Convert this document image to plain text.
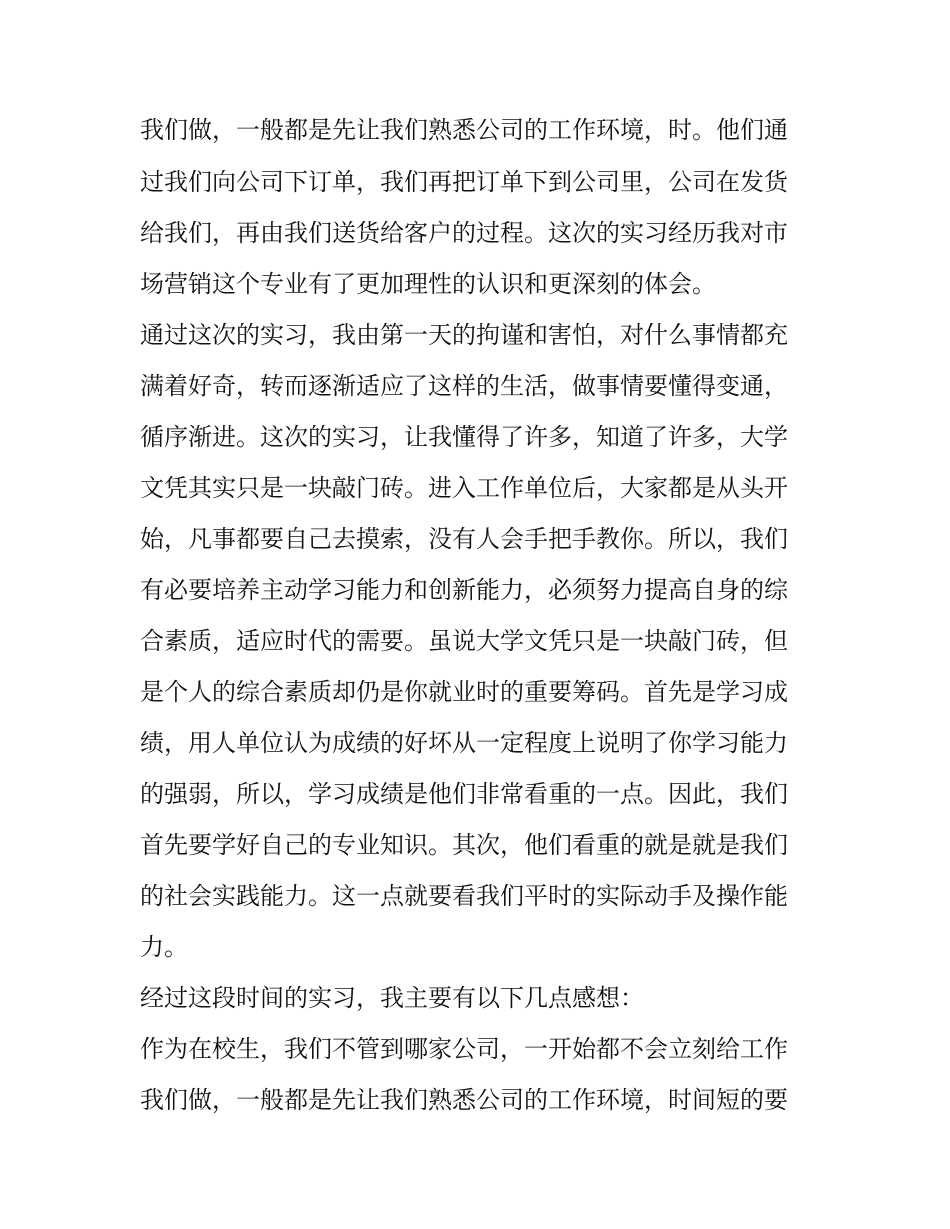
我们做，一般都是先让我们熟悉公司的工作环境，时。他们通
过我们向公司下订单，我们再把订单下到公司里，公司在发货
给我们，再由我们送货给客户的过程。这次的实习经历我对市
场营销这个专业有了更加理性的认识和更深刻的体会。
通过这次的实习，我由第一天的拘谨和害怕，对什么事情都充
满着好奇，转而逐渐适应了这样的生活，做事情要懂得变通，
循序渐进。这次的实习，让我懂得了许多，知道了许多，大学
文凭其实只是一块敲门砖。进入工作单位后，大家都是从头开
始，凡事都要自己去摸索，没有人会手把手教你。所以，我们
有必要培养主动学习能力和创新能力，必须努力提高自身的综
合素质，适应时代的需要。虽说大学文凭只是一块敲门砖，但
是个人的综合素质却仍是你就业时的重要筹码。首先是学习成
绩，用人单位认为成绩的好坏从一定程度上说明了你学习能力
的强弱，所以，学习成绩是他们非常看重的一点。因此，我们
首先要学好自己的专业知识。其次，他们看重的就是就是我们
的社会实践能力。这一点就要看我们平时的实际动手及操作能
力。
经过这段时间的实习，我主要有以下几点感想：
作为在校生，我们不管到哪家公司，一开始都不会立刻给工作
我们做，一般都是先让我们熟悉公司的工作环境，时间短的要
